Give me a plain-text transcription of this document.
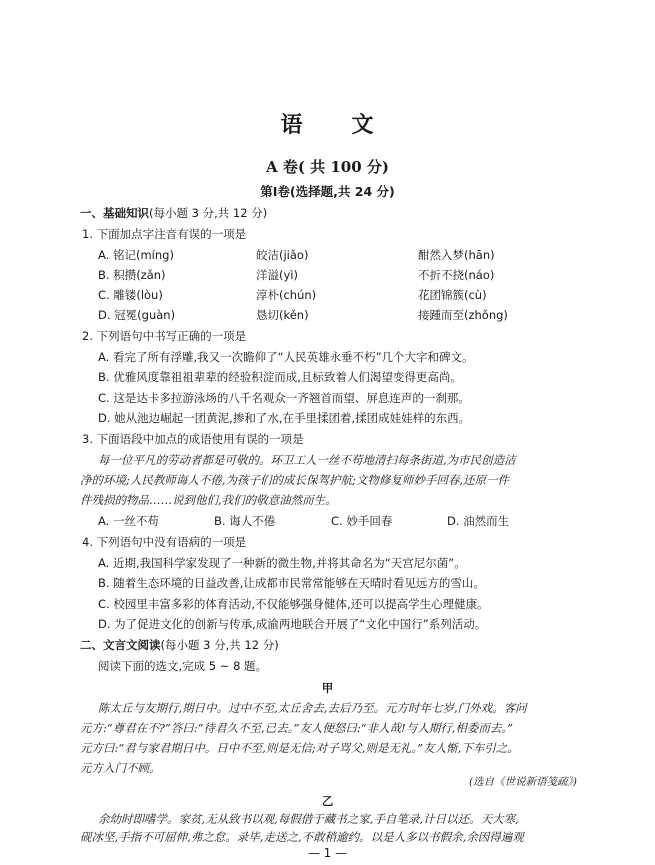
语 文
A 卷( 共 100 分)
第Ⅰ卷(选择题,共 24 分)
一、基础知识(每小题 3 分,共 12 分)
1. 下面加点字注音有误的一项是
A. 铭记(míng)	皎洁(jiǎo)	酣然入梦(hān)
B. 积攒(zǎn)	洋溢(yì)	不折不挠(náo)
C. 雕镂(lòu)	淳朴(chún)	花团锦簇(cù)
D. 冠冕(guàn)	恳切(kěn)	接踵而至(zhǒng)
2. 下列语句中书写正确的一项是
A. 看完了所有浮雕,我又一次瞻仰了“人民英雄永垂不朽”几个大字和碑文。
B. 优雅风度靠祖祖辈辈的经验积淀而成,且标致着人们渴望变得更高尚。
C. 这是达卡多拉游泳场的八千名观众一齐翘首而望、屏息连声的一刹那。
D. 她从池边崛起一团黄泥,掺和了水,在手里揉团着,揉团成娃娃样的东西。
3. 下面语段中加点的成语使用有误的一项是
每一位平凡的劳动者都是可敬的。环卫工人一丝不苟地清扫每条街道,为市民创造洁
净的环境;人民教师诲人不倦,为孩子们的成长保驾护航;文物修复师妙手回春,还原一件
件残损的物品……说到他们,我们的敬意油然而生。
A. 一丝不苟	B. 诲人不倦	C. 妙手回春	D. 油然而生
4. 下列语句中没有语病的一项是
A. 近期,我国科学家发现了一种新的微生物,并将其命名为“天宫尼尔菌”。
B. 随着生态环境的日益改善,让成都市民常常能够在天晴时看见远方的雪山。
C. 校园里丰富多彩的体育活动,不仅能够强身健体,还可以提高学生心理健康。
D. 为了促进文化的创新与传承,成渝两地联合开展了“文化中国行”系列活动。
二、文言文阅读(每小题 3 分,共 12 分)
阅读下面的选文,完成 5 ~ 8 题。
甲
陈太丘与友期行,期日中。过中不至,太丘舍去,去后乃至。元方时年七岁,门外戏。客问
元方:“尊君在不?”答曰:“待君久不至,已去。”友人便怒曰:“非人哉!与人期行,相委而去。”
元方曰:“君与家君期日中。日中不至,则是无信;对子骂父,则是无礼。”友人惭,下车引之。
元方入门不顾。
(选自《世说新语笺疏》)
乙
余幼时即嗜学。家贫,无从致书以观,每假借于藏书之家,手自笔录,计日以还。天大寒,
砚冰坚,手指不可屈伸,弗之怠。录毕,走送之,不敢稍逾约。以是人多以书假余,余因得遍观
— 1 —
